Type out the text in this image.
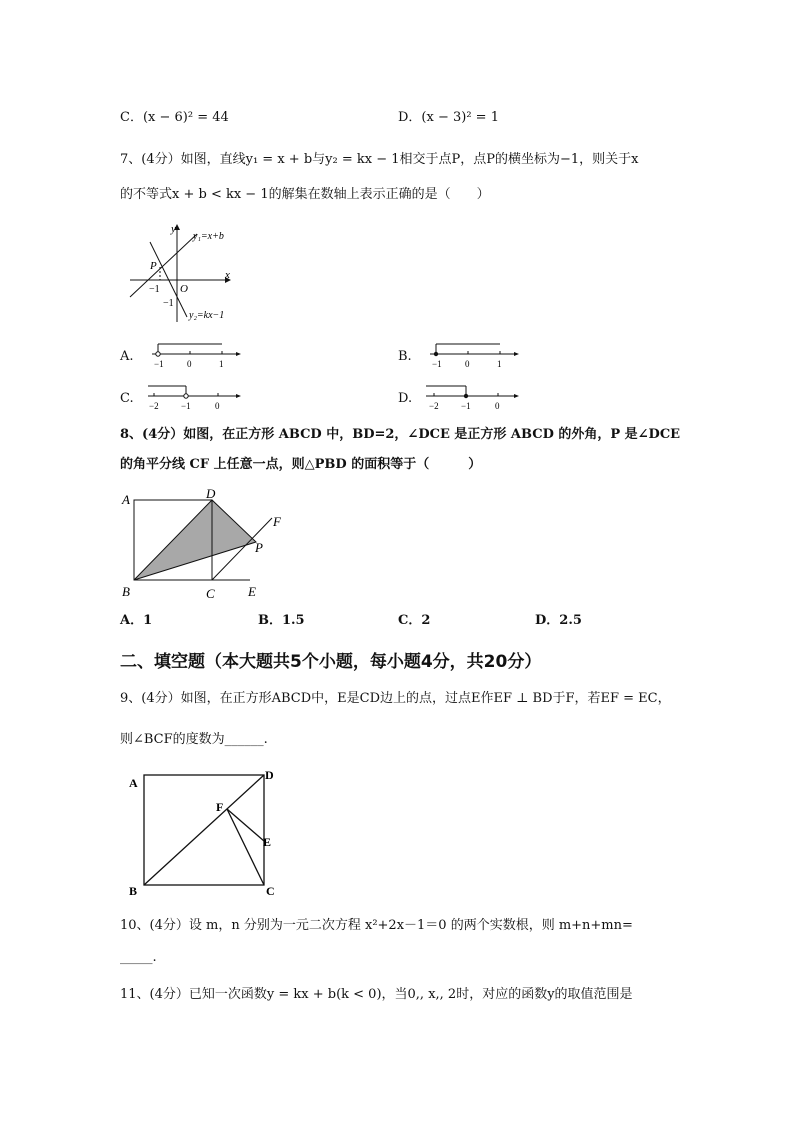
C．(x − 6)² = 44	D．(x − 3)² = 1
7、(4分）如图，直线y₁ = x + b与y₂ = kx − 1相交于点P，点P的横坐标为−1，则关于x
的不等式x + b < kx − 1的解集在数轴上表示正确的是（　　）
y
x
O
P
−1
−1
y₁=x+b
y₂=kx−1
A. −1	0	1	B. −1	0	1
C. −2 −1	0	D. −2 −1	0
8、(4分）如图，在正方形 ABCD 中，BD=2，∠DCE 是正方形 ABCD 的外角，P 是∠DCE
的角平分线 CF 上任意一点，则△PBD 的面积等于（　　　）
A	D
F
P
B	C	E
A．1	B．1.5	C．2	D．2.5
二、填空题（本大题共5个小题，每小题4分，共20分）
9、(4分）如图，在正方形ABCD中，E是CD边上的点，过点E作EF ⊥ BD于F，若EF = EC，
则∠BCF的度数为______.
A
D
F
E
B	C
10、(4分）设 m，n 分别为一元二次方程 x²+2x－1＝0 的两个实数根，则 m+n+mn=
_____.
11、(4分）已知一次函数y = kx + b(k < 0)，当0,, x,, 2时，对应的函数y的取值范围是
